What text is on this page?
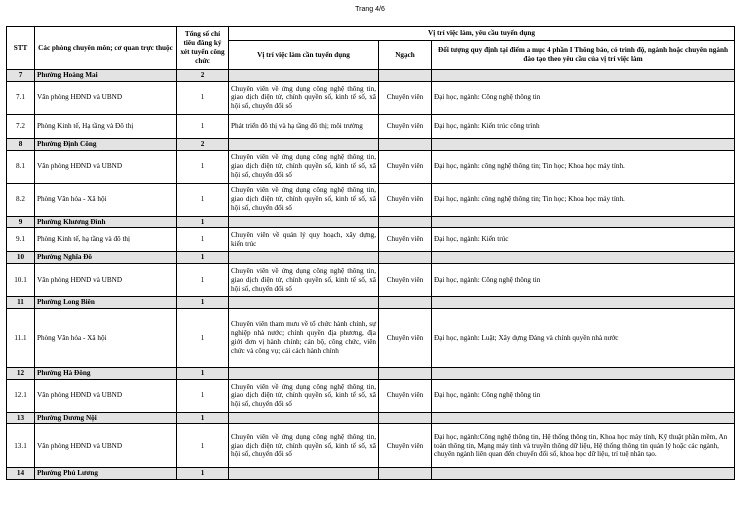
Trang 4/6
STT	Các phòng chuyên môn; cơ quan trực thuộc	Tổng số chỉ tiêu đăng ký xét tuyển công chức	Vị trí việc làm, yêu cầu tuyển dụng		
			Vị trí việc làm cần tuyển dụng	Ngạch	Đối tượng quy định tại điểm a mục 4 phần I Thông báo, có trình độ, ngành hoặc chuyên ngành đào tạo theo yêu cầu của vị trí việc làm
7	Phường Hoàng Mai	2			
7.1	Văn phòng HĐND và UBND	1	Chuyên viên về ứng dụng công nghệ thông tin, giao dịch điện tử, chính quyền số, kinh tế số, xã hội số, chuyển đổi số	Chuyên viên	Đại học, ngành: Công nghệ thông tin
7.2	Phòng Kinh tế, Hạ tầng và Đô thị	1	Phát triển đô thị và hạ tầng đô thị; môi trường	Chuyên viên	Đại học, ngành: Kiến trúc công trình
8	Phường Định Công	2			
8.1	Văn phòng HĐND và UBND	1	Chuyên viên về ứng dụng công nghệ thông tin, giao dịch điện tử, chính quyền số, kinh tế số, xã hội số, chuyển đổi số	Chuyên viên	Đại học, ngành: công nghệ thông tin; Tin học; Khoa học máy tính.
8.2	Phòng Văn hóa - Xã hội	1	Chuyên viên về ứng dụng công nghệ thông tin, giao dịch điện tử, chính quyền số, kinh tế số, xã hội số, chuyển đổi số	Chuyên viên	Đại học, ngành: công nghệ thông tin; Tin học; Khoa học máy tính.
9	Phường Khương Đình	1			
9.1	Phòng Kinh tế, hạ tầng và đô thị	1	Chuyên viên về quản lý quy hoạch, xây dựng, kiến trúc	Chuyên viên	Đại học, ngành: Kiến trúc
10	Phường Nghĩa Đô	1			
10.1	Văn phòng HĐND và UBND	1	Chuyên viên về ứng dụng công nghệ thông tin, giao dịch điện tử, chính quyền số, kinh tế số, xã hội số, chuyển đổi số	Chuyên viên	Đại học, ngành: Công nghệ thông tin
11	Phường Long Biên	1			
11.1	Phòng Văn hóa - Xã hội	1	Chuyên viên tham mưu về tổ chức hành chính, sự nghiệp nhà nước; chính quyền địa phương, địa giới đơn vị hành chính; cán bộ, công chức, viên chức và công vụ; cải cách hành chính	Chuyên viên	Đại học, ngành: Luật; Xây dựng Đảng và chính quyền nhà nước
12	Phường Hà Đông	1			
12.1	Văn phòng HĐND và UBND	1	Chuyên viên về ứng dụng công nghệ thông tin, giao dịch điện tử, chính quyền số, kinh tế số, xã hội số, chuyển đổi số	Chuyên viên	Đại học, ngành: Công nghệ thông tin
13	Phường Dương Nội	1			
13.1	Văn phòng HĐND và UBND	1	Chuyên viên về ứng dụng công nghệ thông tin, giao dịch điện tử, chính quyền số, kinh tế số, xã hội số, chuyển đổi số	Chuyên viên	Đại học, ngành:Công nghệ thông tin, Hệ thống thông tin, Khoa học máy tính, Kỹ thuật phần mềm, An toàn thông tin, Mạng máy tính và truyền thông dữ liệu, Hệ thống thông tin quản lý hoặc các ngành, chuyên ngành liên quan đến chuyển đổi số, khoa học dữ liệu, trí tuệ nhân tạo.
14	Phường Phú Lương	1			
